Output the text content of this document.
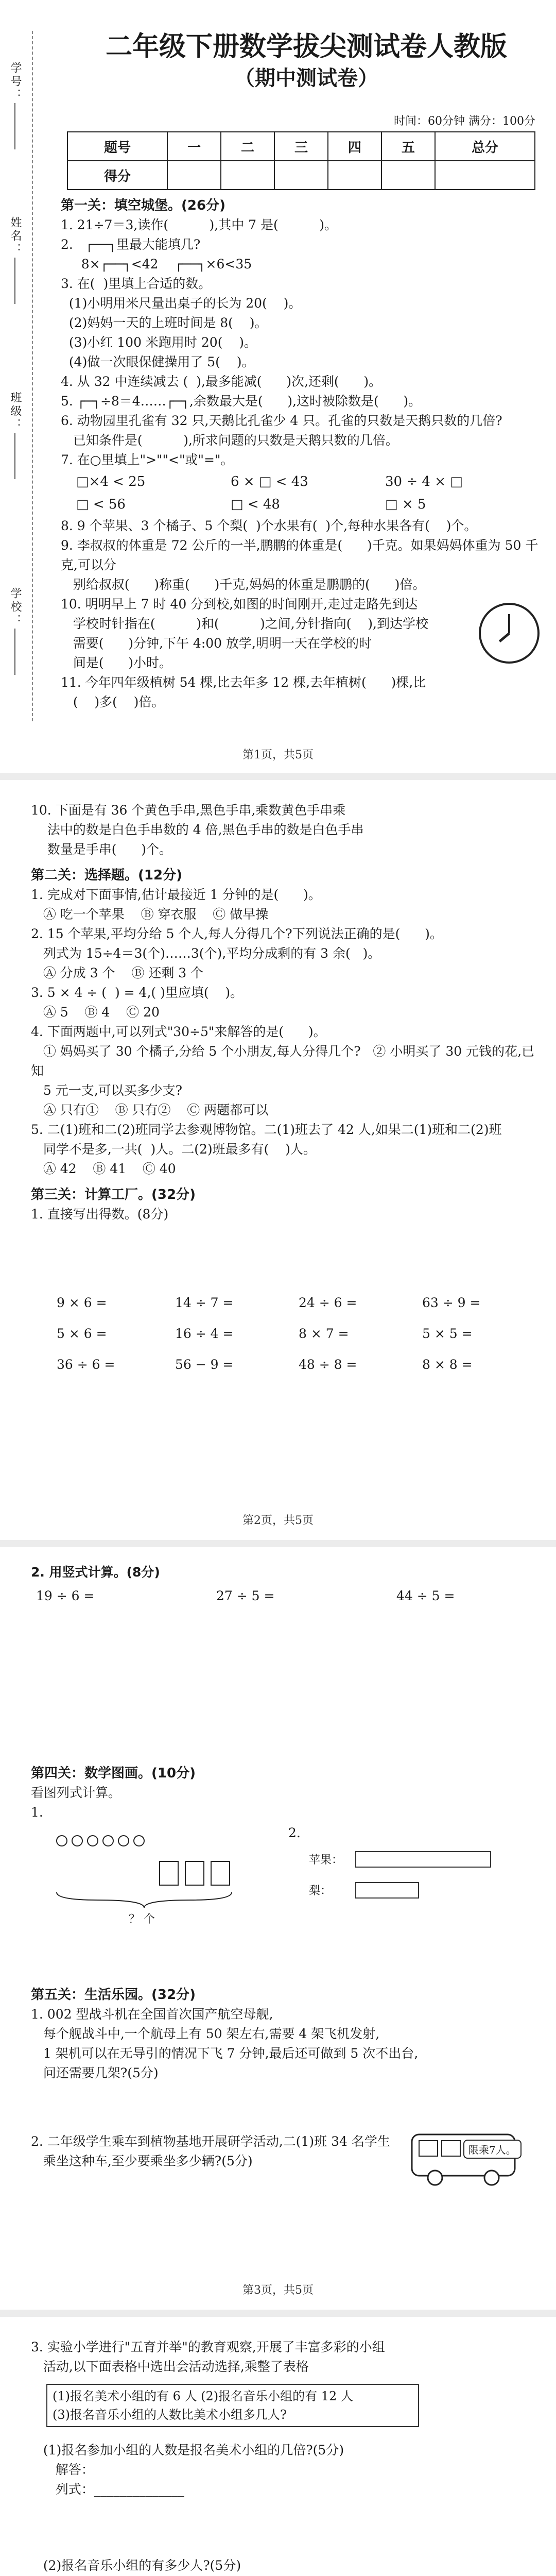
学号：
姓名：
班级：
学校：
二年级下册数学拔尖测试卷人教版
（期中测试卷）
时间：60分钟 满分：100分
题号	一	二	三	四	五	总分
得分						

第一关：填空城堡。(26分)

1. 21÷7＝3,读作(          ),其中 7 是(          )。

2.   ┌──┐里最大能填几?

8×┌──┐<42    ┌──┐×6<35

3. 在(  )里填上合适的数。

(1)小明用米尺量出桌子的长为 20(    )。

(2)妈妈一天的上班时间是 8(    )。

(3)小红 100 米跑用时 20(    )。

(4)做一次眼保健操用了 5(    )。

4. 从 32 中连续减去 (  ),最多能减(      )次,还剩(      )。

5. ┌─┐÷8＝4……┌─┐,余数最大是(      ),这时被除数是(      )。

6. 动物园里孔雀有 32 只,天鹅比孔雀少 4 只。孔雀的只数是天鹅只数的几倍?

已知条件是(          ),所求问题的只数是天鹅只数的几倍。

7. 在○里填上">""<"或"="。

□×4 < 25	6 × □ < 43	30 ÷ 4 × □
□ < 56	□ < 48	□ × 5

8. 9 个苹果、3 个橘子、5 个梨(  )个水果有(  )个,每种水果各有(    )个。

9. 李叔叔的体重是 72 公斤的一半,鹏鹏的体重是(      )千克。如果妈妈体重为 50 千克,可以分

别给叔叔(      )称重(      )千克,妈妈的体重是鹏鹏的(      )倍。

10. 明明早上 7 时 40 分到校,如图的时间刚开,走过走路先到达

学校时针指在(          )和(          )之间,分针指向(    ),到达学校

需要(      )分钟,下午 4:00 放学,明明一天在学校的时

间是(      )小时。

11. 今年四年级植树 54 棵,比去年多 12 棵,去年植树(      )棵,比

(    )多(    )倍。

第1页，共5页

10. 下面是有 36 个黄色手串,黑色手串,乘数黄色手串乘

法中的数是白色手串数的 4 倍,黑色手串的数是白色手串

数量是手串(      )个。

第二关：选择题。(12分)

1. 完成对下面事情,估计最接近 1 分钟的是(      )。

Ⓐ 吃一个苹果    Ⓑ 穿衣服    Ⓒ 做早操

2. 15 个苹果,平均分给 5 个人,每人分得几个?下列说法正确的是(      )。

列式为 15÷4＝3(个)……3(个),平均分成剩的有 3 余(   )。

Ⓐ 分成 3 个    Ⓑ 还剩 3 个

3. 5 × 4 ÷ (  ) = 4,( )里应填(    )。

Ⓐ 5    Ⓑ 4    Ⓒ 20

4. 下面两题中,可以列式"30÷5"来解答的是(      )。

① 妈妈买了 30 个橘子,分给 5 个小朋友,每人分得几个?   ② 小明买了 30 元钱的花,已知

5 元一支,可以买多少支?

Ⓐ 只有①    Ⓑ 只有②    Ⓒ 两题都可以

5. 二(1)班和二(2)班同学去参观博物馆。二(1)班去了 42 人,如果二(1)班和二(2)班

同学不是多,一共(  )人。二(2)班最多有(    )人。

Ⓐ 42    Ⓑ 41    Ⓒ 40

第三关：计算工厂。(32分)

1. 直接写出得数。(8分)

9 × 6 =	14 ÷ 7 =	24 ÷ 6 =	63 ÷ 9 =
5 × 6 =	16 ÷ 4 =	8 × 7 =	5 × 5 =
36 ÷ 6 =	56 − 9 =	48 ÷ 8 =	8 × 8 =
第2页，共5页

2. 用竖式计算。(8分)

19 ÷ 6 =	27 ÷ 5 =	44 ÷ 5 =

第四关：数学图画。(10分)

看图列式计算。

1.

？ 个
2.
苹果：
梨：

第五关：生活乐园。(32分)

1. 002 型战斗机在全国首次国产航空母舰,

每个舰战斗中,一个航母上有 50 架左右,需要 4 架飞机发射,

1 架机可以在无导引的情况下飞 7 分钟,最后还可做到 5 次不出台,

问还需要几架?(5分)

2. 二年级学生乘车到植物基地开展研学活动,二(1)班 34 名学生

乘坐这种车,至少要乘坐多少辆?(5分)

限乘7人。
第3页，共5页

3. 实验小学进行"五育并举"的教育观察,开展了丰富多彩的小组

活动,以下面表格中选出会活动选择,乘整了表格

(1)报名美术小组的有 6 人 (2)报名音乐小组的有 12 人
(3)报名音乐小组的人数比美术小组多几人?

(1)报名参加小组的人数是报名美术小组的几倍?(5分)

解答：

列式：______________

(2)报名音乐小组的有多少人?(5分)
